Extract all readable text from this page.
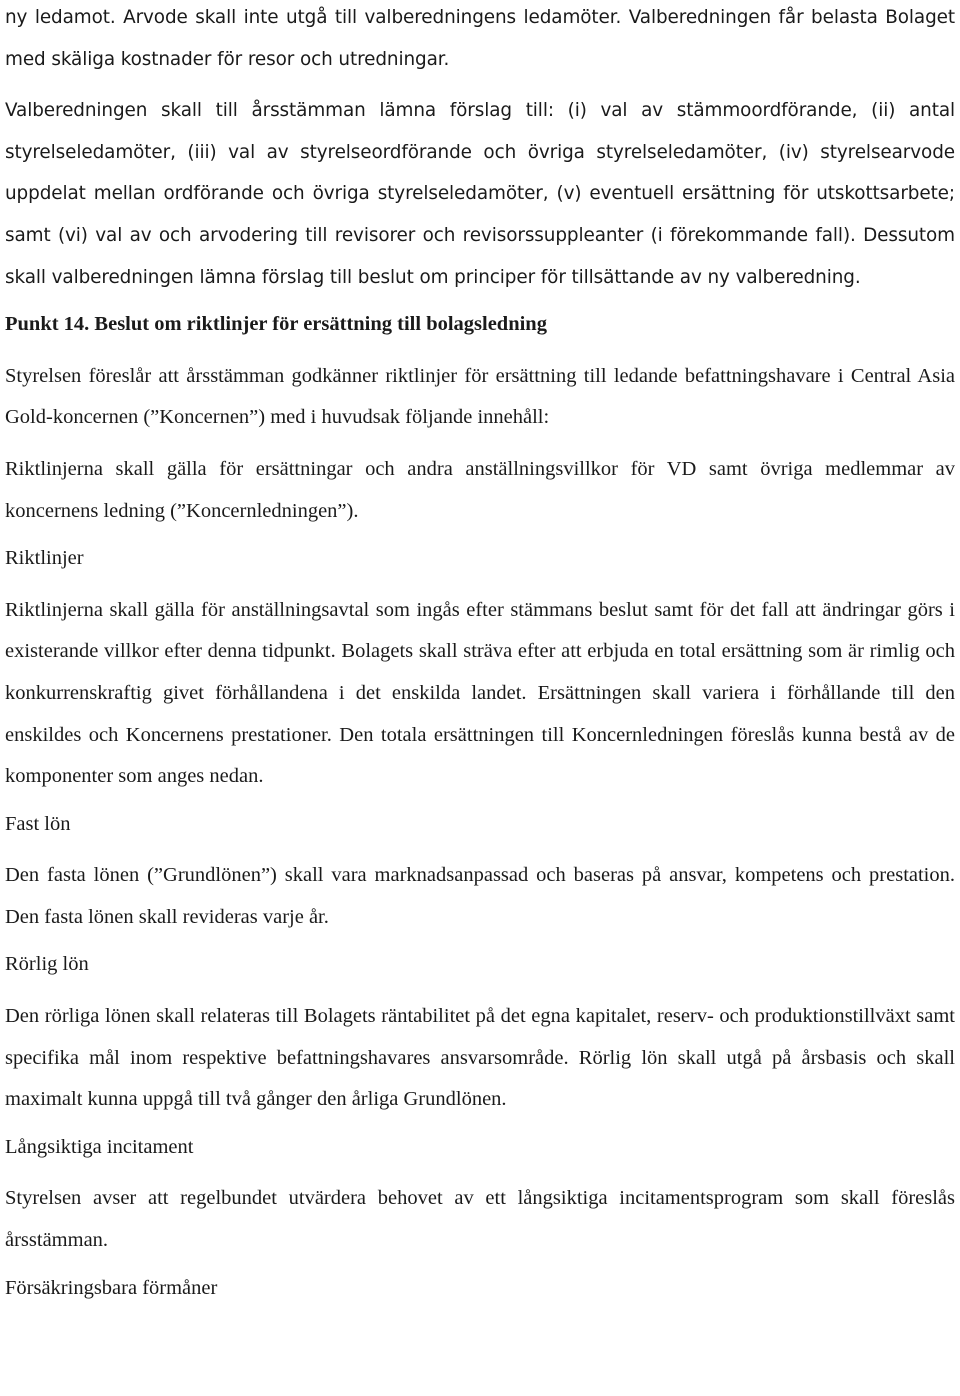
ny ledamot. Arvode skall inte utgå till valberedningens ledamöter. Valberedningen får belasta Bolaget med skäliga kostnader för resor och utredningar.

Valberedningen skall till årsstämman lämna förslag till: (i) val av stämmoordförande, (ii) antal styrelseledamöter, (iii) val av styrelseordförande och övriga styrelseledamöter, (iv) styrelsearvode uppdelat mellan ordförande och övriga styrelseledamöter, (v) eventuell ersättning för utskottsarbete; samt (vi) val av och arvodering till revisorer och revisorssuppleanter (i förekommande fall). Dessutom skall valberedningen lämna förslag till beslut om principer för tillsättande av ny valberedning.

Punkt 14. Beslut om riktlinjer för ersättning till bolagsledning

Styrelsen föreslår att årsstämman godkänner riktlinjer för ersättning till ledande befattningshavare i Central Asia Gold-koncernen (”Koncernen”) med i huvudsak följande innehåll:

Riktlinjerna skall gälla för ersättningar och andra anställningsvillkor för VD samt övriga medlemmar av koncernens ledning (”Koncernledningen”).

Riktlinjer

Riktlinjerna skall gälla för anställningsavtal som ingås efter stämmans beslut samt för det fall att ändringar görs i existerande villkor efter denna tidpunkt. Bolagets skall sträva efter att erbjuda en total ersättning som är rimlig och konkurrenskraftig givet förhållandena i det enskilda landet. Ersättningen skall variera i förhållande till den enskildes och Koncernens prestationer. Den totala ersättningen till Koncernledningen föreslås kunna bestå av de komponenter som anges nedan.

Fast lön

Den fasta lönen (”Grundlönen”) skall vara marknadsanpassad och baseras på ansvar, kompetens och prestation. Den fasta lönen skall revideras varje år.

Rörlig lön

Den rörliga lönen skall relateras till Bolagets räntabilitet på det egna kapitalet, reserv- och produktionstillväxt samt specifika mål inom respektive befattningshavares ansvarsområde. Rörlig lön skall utgå på årsbasis och skall maximalt kunna uppgå till två gånger den årliga Grundlönen.

Långsiktiga incitament

Styrelsen avser att regelbundet utvärdera behovet av ett långsiktiga incitamentsprogram som skall föreslås årsstämman.

Försäkringsbara förmåner
